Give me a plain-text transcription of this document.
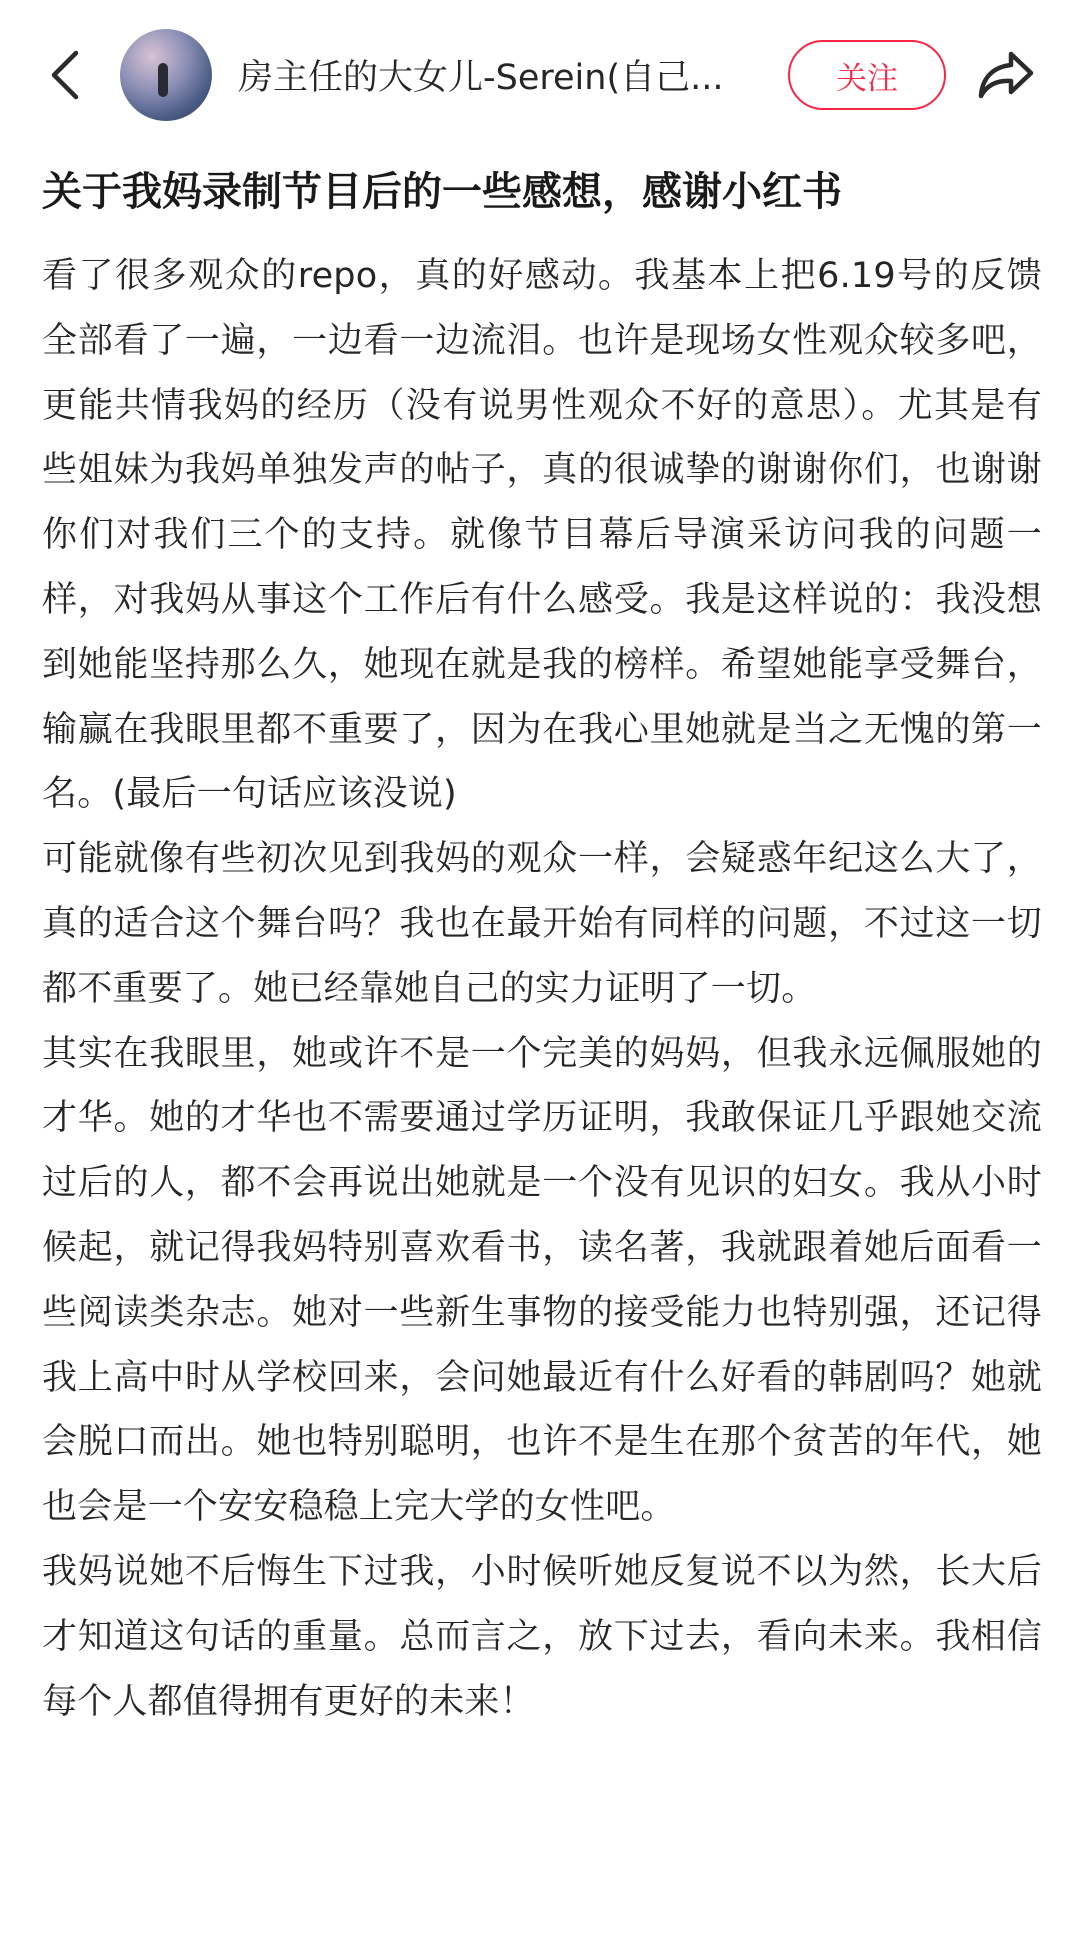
房主任的大女儿-Serein(自己...	关注
关于我妈录制节目后的一些感想，感谢小红书

看了很多观众的repo，真的好感动。我基本上把6.19号的反馈全部看了一遍，一边看一边流泪。也许是现场女性观众较多吧，更能共情我妈的经历（没有说男性观众不好的意思）。尤其是有些姐妹为我妈单独发声的帖子，真的很诚挚的谢谢你们，也谢谢你们对我们三个的支持。就像节目幕后导演采访问我的问题一样，对我妈从事这个工作后有什么感受。我是这样说的：我没想到她能坚持那么久，她现在就是我的榜样。希望她能享受舞台，输赢在我眼里都不重要了，因为在我心里她就是当之无愧的第一名。(最后一句话应该没说)

可能就像有些初次见到我妈的观众一样，会疑惑年纪这么大了，真的适合这个舞台吗？我也在最开始有同样的问题，不过这一切都不重要了。她已经靠她自己的实力证明了一切。

其实在我眼里，她或许不是一个完美的妈妈，但我永远佩服她的才华。她的才华也不需要通过学历证明，我敢保证几乎跟她交流过后的人，都不会再说出她就是一个没有见识的妇女。我从小时候起，就记得我妈特别喜欢看书，读名著，我就跟着她后面看一些阅读类杂志。她对一些新生事物的接受能力也特别强，还记得我上高中时从学校回来，会问她最近有什么好看的韩剧吗？她就会脱口而出。她也特别聪明，也许不是生在那个贫苦的年代，她也会是一个安安稳稳上完大学的女性吧。

我妈说她不后悔生下过我，小时候听她反复说不以为然，长大后才知道这句话的重量。总而言之，放下过去，看向未来。我相信每个人都值得拥有更好的未来！
